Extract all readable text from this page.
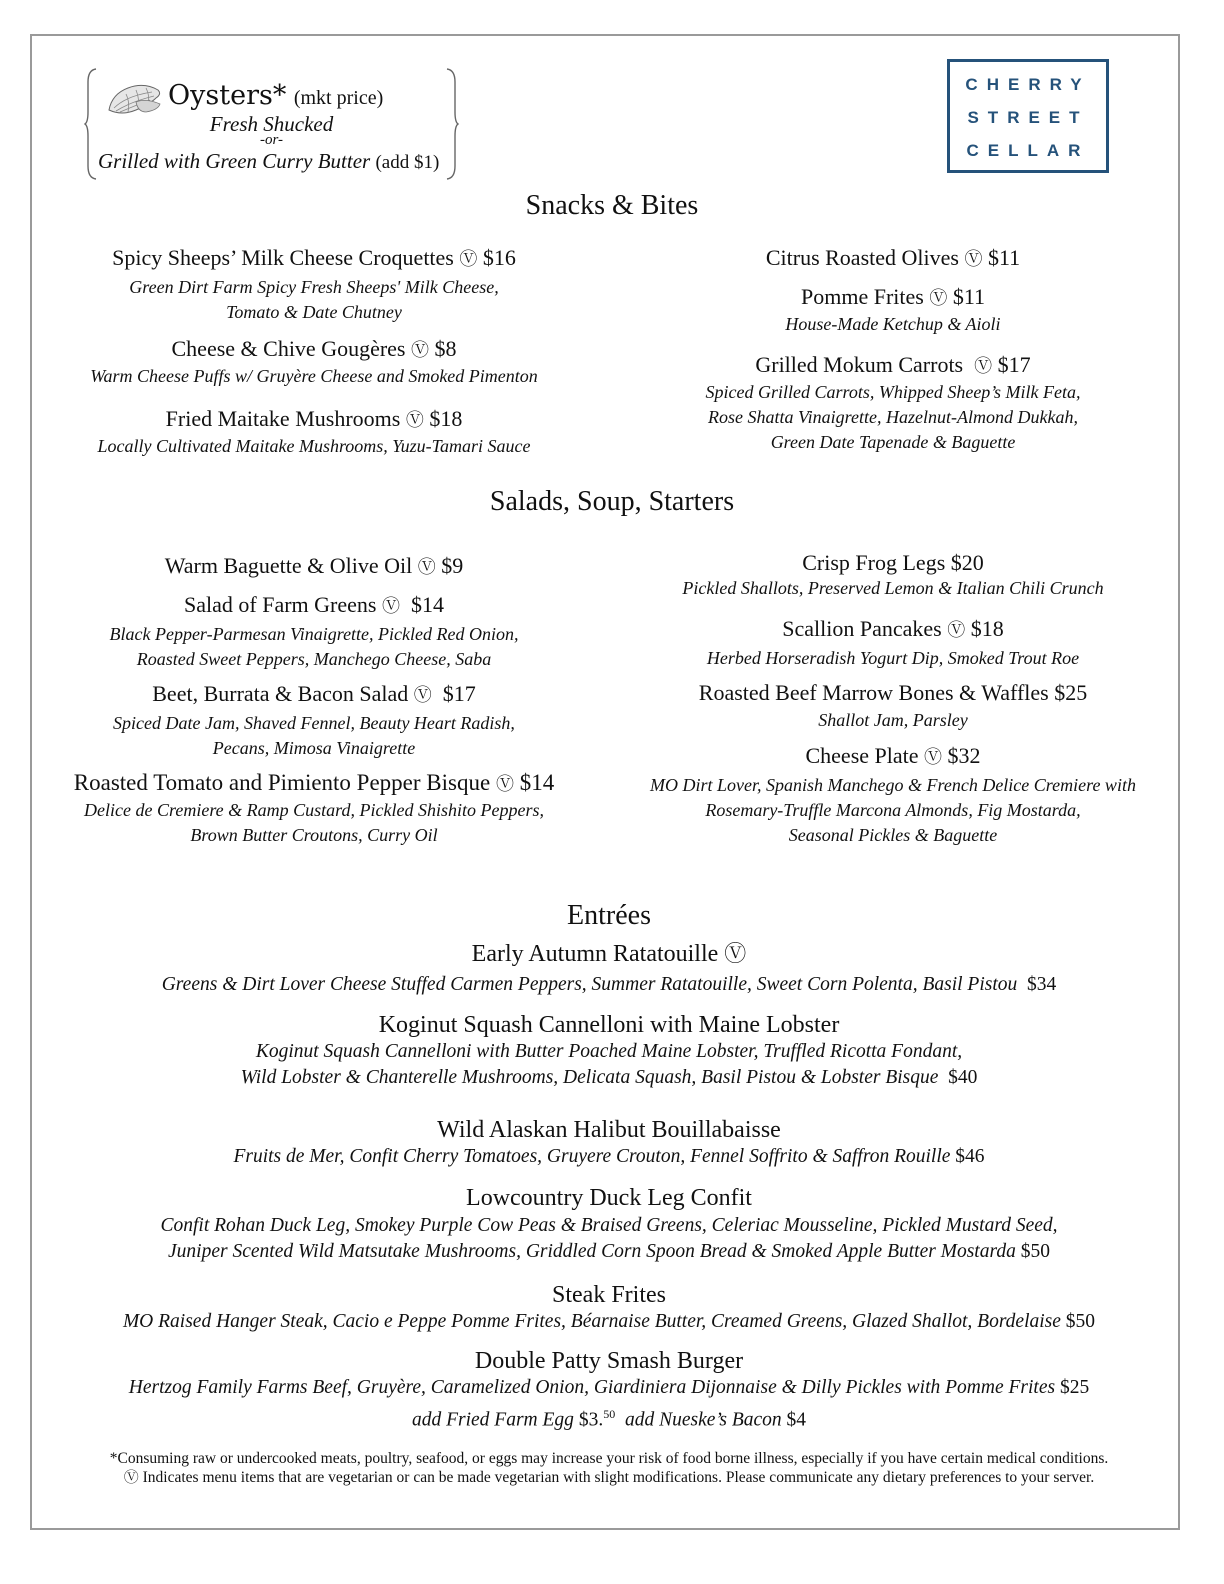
Oysters* (mkt price)
Fresh Shucked
-or-
Grilled with Green Curry Butter (add $1)
CHERRY
STREET
CELLAR
Snacks & Bites
Spicy Sheeps’ Milk Cheese Croquettes Ⓥ $16
Green Dirt Farm Spicy Fresh Sheeps' Milk Cheese,
Tomato & Date Chutney
Cheese & Chive Gougères Ⓥ $8
Warm Cheese Puffs w/ Gruyère Cheese and Smoked Pimenton
Fried Maitake Mushrooms Ⓥ $18
Locally Cultivated Maitake Mushrooms, Yuzu-Tamari Sauce
Citrus Roasted Olives Ⓥ $11
Pomme Frites Ⓥ $11
House-Made Ketchup & Aioli
Grilled Mokum Carrots Ⓥ $17
Spiced Grilled Carrots, Whipped Sheep’s Milk Feta,
Rose Shatta Vinaigrette, Hazelnut-Almond Dukkah,
Green Date Tapenade & Baguette
Salads, Soup, Starters
Warm Baguette & Olive Oil Ⓥ $9
Salad of Farm Greens Ⓥ $14
Black Pepper-Parmesan Vinaigrette, Pickled Red Onion,
Roasted Sweet Peppers, Manchego Cheese, Saba
Beet, Burrata & Bacon Salad Ⓥ $17
Spiced Date Jam, Shaved Fennel, Beauty Heart Radish,
Pecans, Mimosa Vinaigrette
Roasted Tomato and Pimiento Pepper Bisque Ⓥ $14
Delice de Cremiere & Ramp Custard, Pickled Shishito Peppers,
Brown Butter Croutons, Curry Oil
Crisp Frog Legs $20
Pickled Shallots, Preserved Lemon & Italian Chili Crunch
Scallion Pancakes Ⓥ $18
Herbed Horseradish Yogurt Dip, Smoked Trout Roe
Roasted Beef Marrow Bones & Waffles $25
Shallot Jam, Parsley
Cheese Plate Ⓥ $32
MO Dirt Lover, Spanish Manchego & French Delice Cremiere with
Rosemary-Truffle Marcona Almonds, Fig Mostarda,
Seasonal Pickles & Baguette
Entrées
Early Autumn Ratatouille Ⓥ
Greens & Dirt Lover Cheese Stuffed Carmen Peppers, Summer Ratatouille, Sweet Corn Polenta, Basil Pistou $34
Koginut Squash Cannelloni with Maine Lobster
Koginut Squash Cannelloni with Butter Poached Maine Lobster, Truffled Ricotta Fondant,
Wild Lobster & Chanterelle Mushrooms, Delicata Squash, Basil Pistou & Lobster Bisque $40
Wild Alaskan Halibut Bouillabaisse
Fruits de Mer, Confit Cherry Tomatoes, Gruyere Crouton, Fennel Soffrito & Saffron Rouille $46
Lowcountry Duck Leg Confit
Confit Rohan Duck Leg, Smokey Purple Cow Peas & Braised Greens, Celeriac Mousseline, Pickled Mustard Seed,
Juniper Scented Wild Matsutake Mushrooms, Griddled Corn Spoon Bread & Smoked Apple Butter Mostarda $50
Steak Frites
MO Raised Hanger Steak, Cacio e Peppe Pomme Frites, Béarnaise Butter, Creamed Greens, Glazed Shallot, Bordelaise $50
Double Patty Smash Burger
Hertzog Family Farms Beef, Gruyère, Caramelized Onion, Giardiniera Dijonnaise & Dilly Pickles with Pomme Frites $25
add Fried Farm Egg $3.50 add Nueske’s Bacon $4
*Consuming raw or undercooked meats, poultry, seafood, or eggs may increase your risk of food borne illness, especially if you have certain medical conditions.
Ⓥ Indicates menu items that are vegetarian or can be made vegetarian with slight modifications. Please communicate any dietary preferences to your server.
